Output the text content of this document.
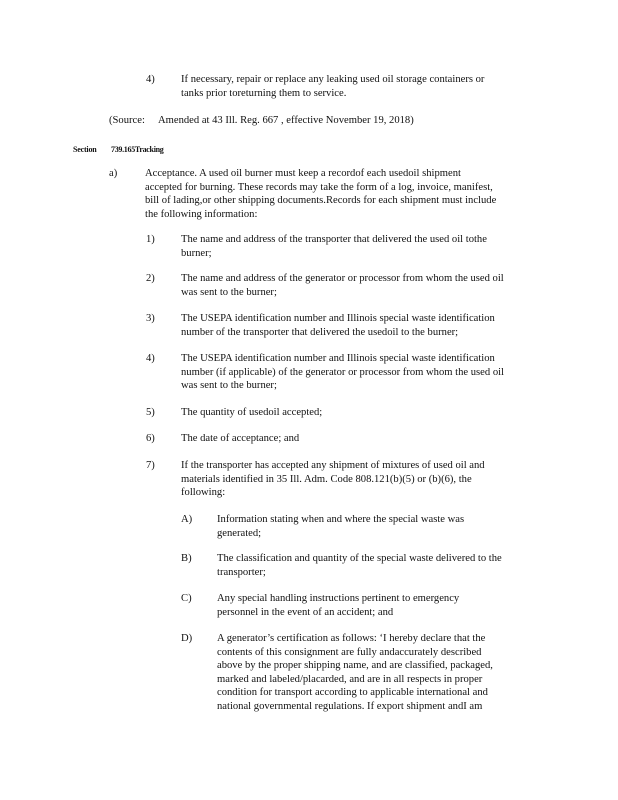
4) If necessary, repair or replace any leaking used oil storage containers or
tanks prior toreturning them to service.
(Source: Amended at 43 Ill. Reg. 667 , effective November 19, 2018)
Section 739.165Tracking
a)	Acceptance. A used oil burner must keep a recordof each usedoil shipment
accepted for burning. These records may take the form of a log, invoice, manifest,
bill of lading,or other shipping documents.Records for each shipment must include
the following information:
1) The name and address of the transporter that delivered the used oil tothe
burner;
2) The name and address of the generator or processor from whom the used oil
was sent to the burner;
3) The USEPA identification number and Illinois special waste identification
number of the transporter that delivered the usedoil to the burner;
4) The USEPA identification number and Illinois special waste identification
number (if applicable) of the generator or processor from whom the used oil
was sent to the burner;
5) The quantity of usedoil accepted;
6) The date of acceptance; and
7) If the transporter has accepted any shipment of mixtures of used oil and
materials identified in 35 Ill. Adm. Code 808.121(b)(5) or (b)(6), the
following:
A) Information stating when and where the special waste was
generated;
B) The classification and quantity of the special waste delivered to the
transporter;
C) Any special handling instructions pertinent to emergency
personnel in the event of an accident; and
D) A generator’s certification as follows: ‘I hereby declare that the
contents of this consignment are fully andaccurately described
above by the proper shipping name, and are classified, packaged,
marked and labeled/placarded, and are in all respects in proper
condition for transport according to applicable international and
national governmental regulations. If export shipment andI am
